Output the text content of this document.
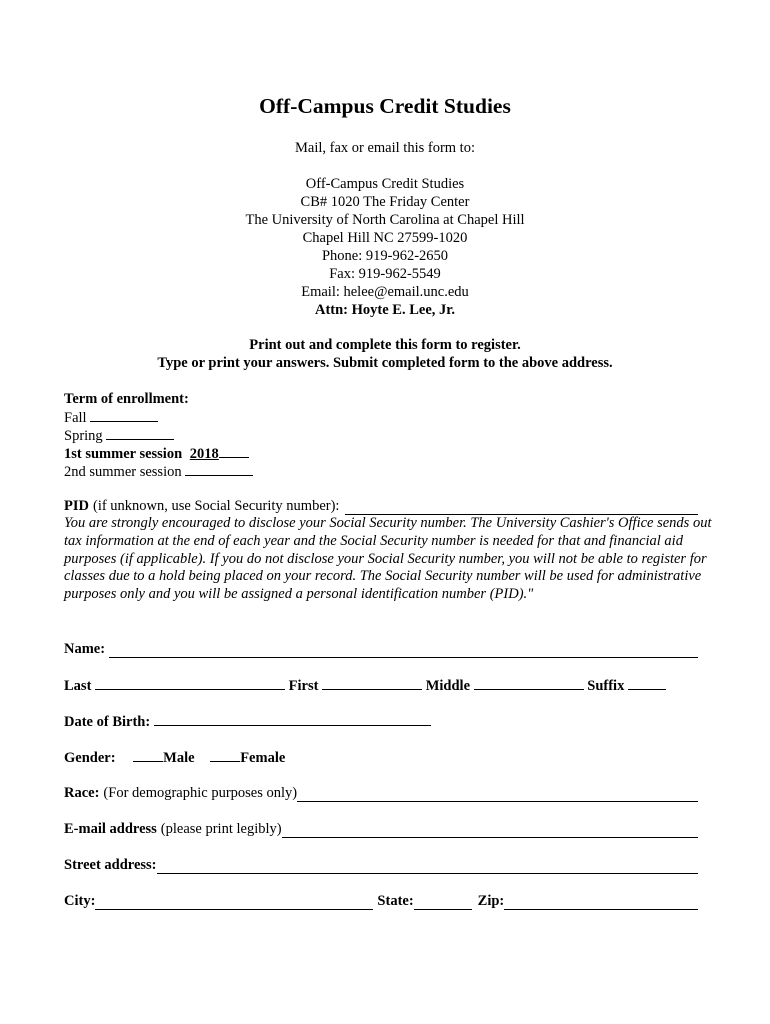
Off-Campus Credit Studies
Mail, fax or email this form to:
Off-Campus Credit Studies
CB# 1020 The Friday Center
The University of North Carolina at Chapel Hill
Chapel Hill NC 27599-1020
Phone: 919-962-2650
Fax: 919-962-5549
Email: helee@email.unc.edu
Attn: Hoyte E. Lee, Jr.
Print out and complete this form to register.
Type or print your answers. Submit completed form to the above address.
Term of enrollment:
Fall
Spring
1st summer session 2018
2nd summer session
PID (if unknown, use Social Security number):
You are strongly encouraged to disclose your Social Security number. The University Cashier's Office sends out tax information at the end of each year and the Social Security number is needed for that and financial aid purposes (if applicable). If you do not disclose your Social Security number, you will not be able to register for classes due to a hold being placed on your record. The Social Security number will be used for administrative purposes only and you will be assigned a personal identification number (PID)."
Name:
Last	First	Middle	Suffix
Date of Birth:
Gender:	Male	Female
Race: (For demographic purposes only)
E-mail address (please print legibly)
Street address:
City:	State:	Zip:
